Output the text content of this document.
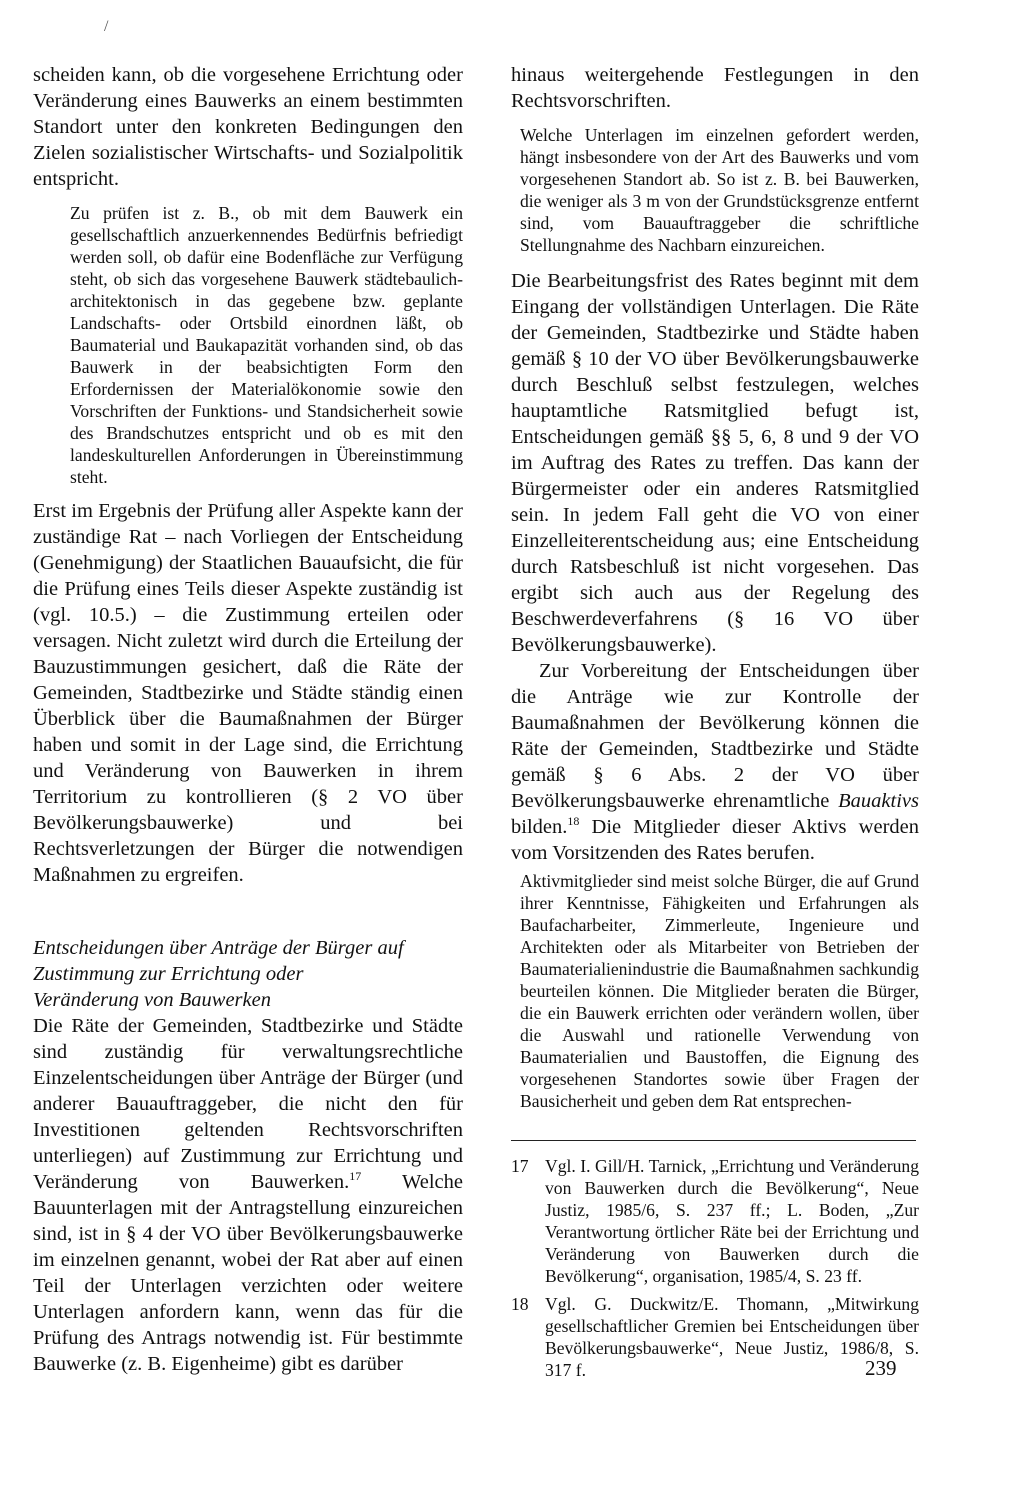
/

scheiden kann, ob die vorgesehene Errichtung oder Veränderung eines Bauwerks an einem bestimmten Standort unter den konkreten Bedingungen den Zielen sozialistischer Wirtschafts- und Sozialpolitik entspricht.

Zu prüfen ist z. B., ob mit dem Bauwerk ein gesellschaftlich anzuerkennendes Bedürfnis befriedigt werden soll, ob dafür eine Bodenfläche zur Verfügung steht, ob sich das vorgesehene Bauwerk städtebaulich-architektonisch in das gegebene bzw. geplante Landschafts- oder Ortsbild einordnen läßt, ob Baumaterial und Baukapazität vorhanden sind, ob das Bauwerk in der beabsichtigten Form den Erfordernissen der Materialökonomie sowie den Vorschriften der Funktions- und Standsicherheit sowie des Brandschutzes entspricht und ob es mit den landeskulturellen Anforderungen in Übereinstimmung steht.

Erst im Ergebnis der Prüfung aller Aspekte kann der zuständige Rat – nach Vorliegen der Entscheidung (Genehmigung) der Staatlichen Bauaufsicht, die für die Prüfung eines Teils dieser Aspekte zuständig ist (vgl. 10.5.) – die Zustimmung erteilen oder versagen. Nicht zuletzt wird durch die Erteilung der Bauzustimmungen gesichert, daß die Räte der Gemeinden, Stadtbezirke und Städte ständig einen Überblick über die Baumaßnahmen der Bürger haben und somit in der Lage sind, die Errichtung und Veränderung von Bauwerken in ihrem Territorium zu kontrollieren (§ 2 VO über Bevölkerungsbauwerke) und bei Rechtsverletzungen der Bürger die notwendigen Maßnahmen zu ergreifen.

Entscheidungen über Anträge der Bürger auf Zustimmung zur Errichtung oder Veränderung von Bauwerken

Die Räte der Gemeinden, Stadtbezirke und Städte sind zuständig für verwaltungsrechtliche Einzelentscheidungen über Anträge der Bürger (und anderer Bauauftraggeber, die nicht den für Investitionen geltenden Rechtsvorschriften unterliegen) auf Zustimmung zur Errichtung und Veränderung von Bauwerken.$^{17}$ Welche Bauunterlagen mit der Antragstellung einzureichen sind, ist in § 4 der VO über Bevölkerungsbauwerke im einzelnen genannt, wobei der Rat aber auf einen Teil der Unterlagen verzichten oder weitere Unterlagen anfordern kann, wenn das für die Prüfung des Antrags notwendig ist. Für bestimmte Bauwerke (z. B. Eigenheime) gibt es darüber

hinaus weitergehende Festlegungen in den Rechtsvorschriften.

Welche Unterlagen im einzelnen gefordert werden, hängt insbesondere von der Art des Bauwerks und vom vorgesehenen Standort ab. So ist z. B. bei Bauwerken, die weniger als 3 m von der Grundstücksgrenze entfernt sind, vom Bauauftraggeber die schriftliche Stellungnahme des Nachbarn einzureichen.

Die Bearbeitungsfrist des Rates beginnt mit dem Eingang der vollständigen Unterlagen. Die Räte der Gemeinden, Stadtbezirke und Städte haben gemäß § 10 der VO über Bevölkerungsbauwerke durch Beschluß selbst festzulegen, welches hauptamtliche Ratsmitglied befugt ist, Entscheidungen gemäß §§ 5, 6, 8 und 9 der VO im Auftrag des Rates zu treffen. Das kann der Bürgermeister oder ein anderes Ratsmitglied sein. In jedem Fall geht die VO von einer Einzelleiterentscheidung aus; eine Entscheidung durch Ratsbeschluß ist nicht vorgesehen. Das ergibt sich auch aus der Regelung des Beschwerdeverfahrens (§ 16 VO über Bevölkerungsbauwerke).

Zur Vorbereitung der Entscheidungen über die Anträge wie zur Kontrolle der Baumaßnahmen der Bevölkerung können die Räte der Gemeinden, Stadtbezirke und Städte gemäß § 6 Abs. 2 der VO über Bevölkerungsbauwerke ehrenamtliche Bauaktivs bilden.$^{18}$ Die Mitglieder dieser Aktivs werden vom Vorsitzenden des Rates berufen.

Aktivmitglieder sind meist solche Bürger, die auf Grund ihrer Kenntnisse, Fähigkeiten und Erfahrungen als Baufacharbeiter, Zimmerleute, Ingenieure und Architekten oder als Mitarbeiter von Betrieben der Baumaterialienindustrie die Baumaßnahmen sachkundig beurteilen können. Die Mitglieder beraten die Bürger, die ein Bauwerk errichten oder verändern wollen, über die Auswahl und rationelle Verwendung von Baumaterialien und Baustoffen, die Eignung des vorgesehenen Standortes sowie über Fragen der Bausicherheit und geben dem Rat entsprechen-

17 Vgl. I. Gill/H. Tarnick, „Errichtung und Veränderung von Bauwerken durch die Bevölkerung“, Neue Justiz, 1985/6, S. 237 ff.; L. Boden, „Zur Verantwortung örtlicher Räte bei der Errichtung und Veränderung von Bauwerken durch die Bevölkerung“, organisation, 1985/4, S. 23 ff.
18 Vgl. G. Duckwitz/E. Thomann, „Mitwirkung gesellschaftlicher Gremien bei Entscheidungen über Bevölkerungsbauwerke“, Neue Justiz, 1986/8, S. 317 f.	239
